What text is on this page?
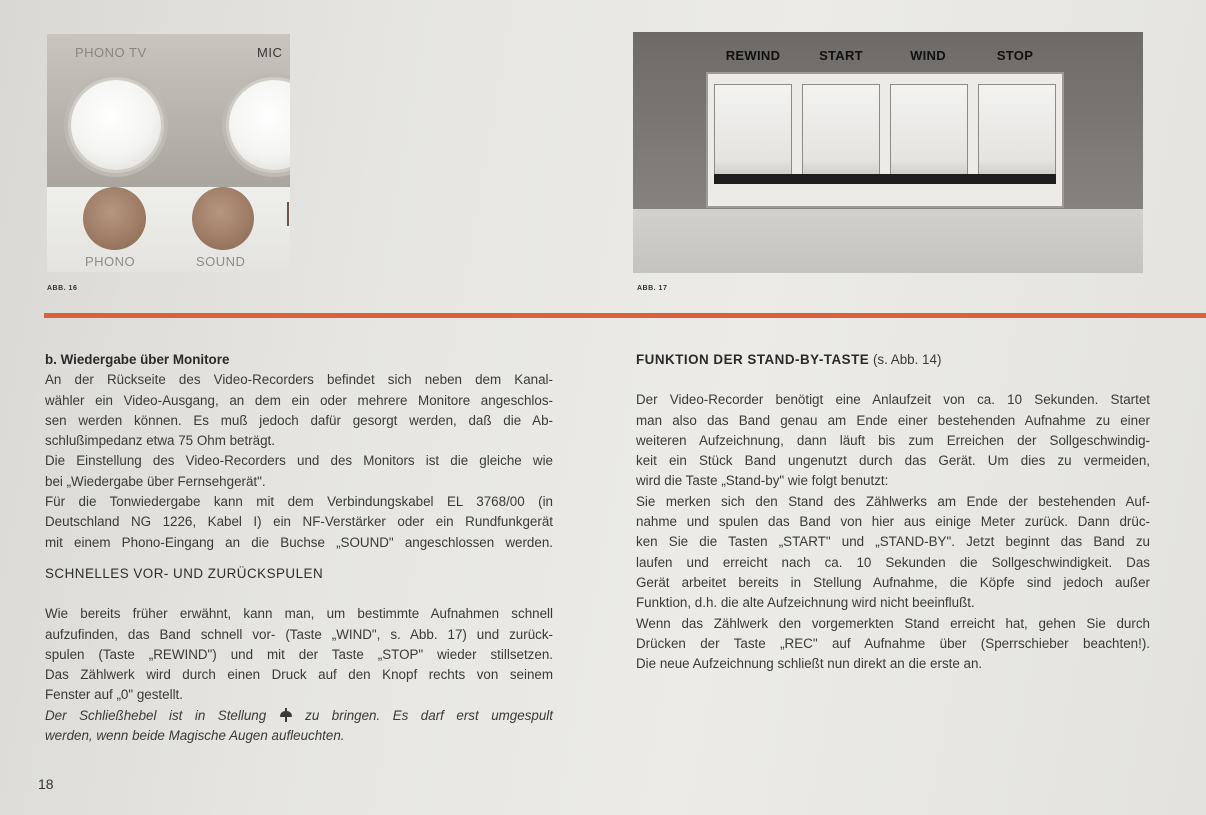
PHONO TV	MIC
PHONO	SOUND
ABB. 16
REWIND	START	WIND	STOP
ABB. 17

b. Wiedergabe über Monitore

An der Rückseite des Video-Recorders befindet sich neben dem Kanal-

wähler ein Video-Ausgang, an dem ein oder mehrere Monitore angeschlos-

sen werden können. Es muß jedoch dafür gesorgt werden, daß die Ab-

schlußimpedanz etwa 75 Ohm beträgt.

Die Einstellung des Video-Recorders und des Monitors ist die gleiche wie

bei „Wiedergabe über Fernsehgerät".

Für die Tonwiedergabe kann mit dem Verbindungskabel EL 3768/00 (in

Deutschland NG 1226, Kabel I) ein NF-Verstärker oder ein Rundfunkgerät

mit einem Phono-Eingang an die Buchse „SOUND" angeschlossen werden.

SCHNELLES VOR- UND ZURÜCKSPULEN

Wie bereits früher erwähnt, kann man, um bestimmte Aufnahmen schnell

aufzufinden, das Band schnell vor- (Taste „WIND", s. Abb. 17) und zurück-

spulen (Taste „REWIND") und mit der Taste „STOP" wieder stillsetzen.

Das Zählwerk wird durch einen Druck auf den Knopf rechts von seinem

Fenster auf „0" gestellt.

Der Schließhebel ist in Stellung	zu bringen. Es darf erst umgespult

werden, wenn beide Magische Augen aufleuchten.

FUNKTION DER STAND-BY-TASTE (s. Abb. 14)

Der Video-Recorder benötigt eine Anlaufzeit von ca. 10 Sekunden. Startet

man also das Band genau am Ende einer bestehenden Aufnahme zu einer

weiteren Aufzeichnung, dann läuft bis zum Erreichen der Sollgeschwindig-

keit ein Stück Band ungenutzt durch das Gerät. Um dies zu vermeiden,

wird die Taste „Stand-by" wie folgt benutzt:

Sie merken sich den Stand des Zählwerks am Ende der bestehenden Auf-

nahme und spulen das Band von hier aus einige Meter zurück. Dann drüc-

ken Sie die Tasten „START" und „STAND-BY". Jetzt beginnt das Band zu

laufen und erreicht nach ca. 10 Sekunden die Sollgeschwindigkeit. Das

Gerät arbeitet bereits in Stellung Aufnahme, die Köpfe sind jedoch außer

Funktion, d.h. die alte Aufzeichnung wird nicht beeinflußt.

Wenn das Zählwerk den vorgemerkten Stand erreicht hat, gehen Sie durch

Drücken der Taste „REC" auf Aufnahme über (Sperrschieber beachten!).

Die neue Aufzeichnung schließt nun direkt an die erste an.

18
